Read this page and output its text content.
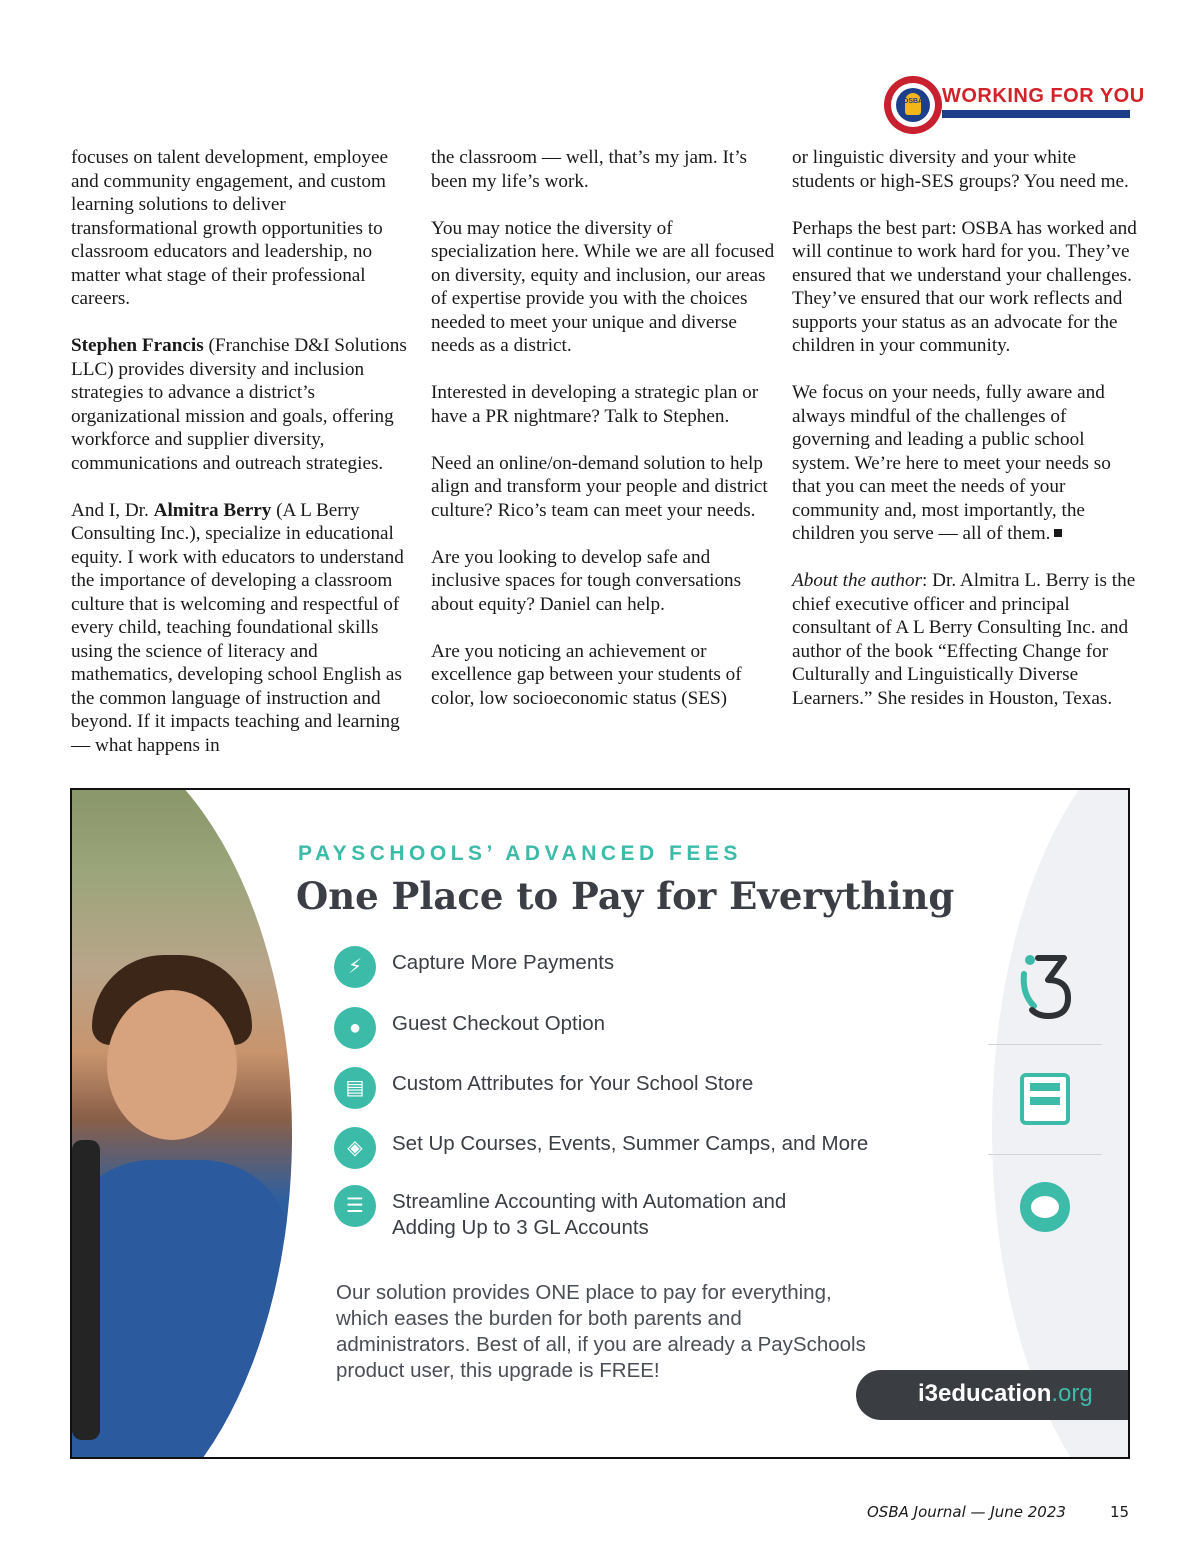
OSBA WORKING FOR YOU

focuses on talent development, employee and community engagement, and custom learning solutions to deliver transformational growth opportunities to classroom educators and leadership, no matter what stage of their professional careers.

Stephen Francis (Franchise D&I Solutions LLC) provides diversity and inclusion strategies to advance a district’s organizational mission and goals, offering workforce and supplier diversity, communications and outreach strategies.

And I, Dr. Almitra Berry (A L Berry Consulting Inc.), specialize in educational equity. I work with educators to understand the importance of developing a classroom culture that is welcoming and respectful of every child, teaching foundational skills using the science of literacy and mathematics, developing school English as the common language of instruction and beyond. If it impacts teaching and learning — what happens in

the classroom — well, that’s my jam. It’s been my life’s work.

You may notice the diversity of specialization here. While we are all focused on diversity, equity and inclusion, our areas of expertise provide you with the choices needed to meet your unique and diverse needs as a district.

Interested in developing a strategic plan or have a PR nightmare? Talk to Stephen.

Need an online/on-demand solution to help align and transform your people and district culture? Rico’s team can meet your needs.

Are you looking to develop safe and inclusive spaces for tough conversations about equity? Daniel can help.

Are you noticing an achievement or excellence gap between your students of color, low socioeconomic status (SES)

or linguistic diversity and your white students or high-SES groups? You need me.

Perhaps the best part: OSBA has worked and will continue to work hard for you. They’ve ensured that we understand your challenges. They’ve ensured that our work reflects and supports your status as an advocate for the children in your community.

We focus on your needs, fully aware and always mindful of the challenges of governing and leading a public school system. We’re here to meet your needs so that you can meet the needs of your community and, most importantly, the children you serve — all of them.

About the author: Dr. Almitra L. Berry is the chief executive officer and principal consultant of A L Berry Consulting Inc. and author of the book “Effecting Change for Culturally and Linguistically Diverse Learners.” She resides in Houston, Texas.

PAYSCHOOLS’ ADVANCED FEES
One Place to Pay for Everything
⚡	Capture More Payments
●	Guest Checkout Option
▤	Custom Attributes for Your School Store
◈	Set Up Courses, Events, Summer Camps, and More
☰	Streamline Accounting with Automation and
Adding Up to 3 GL Accounts
Our solution provides ONE place to pay for everything, which eases the burden for both parents and administrators. Best of all, if you are already a PaySchools product user, this upgrade is FREE!
i3education.org
OSBA Journal — June 2023	15
